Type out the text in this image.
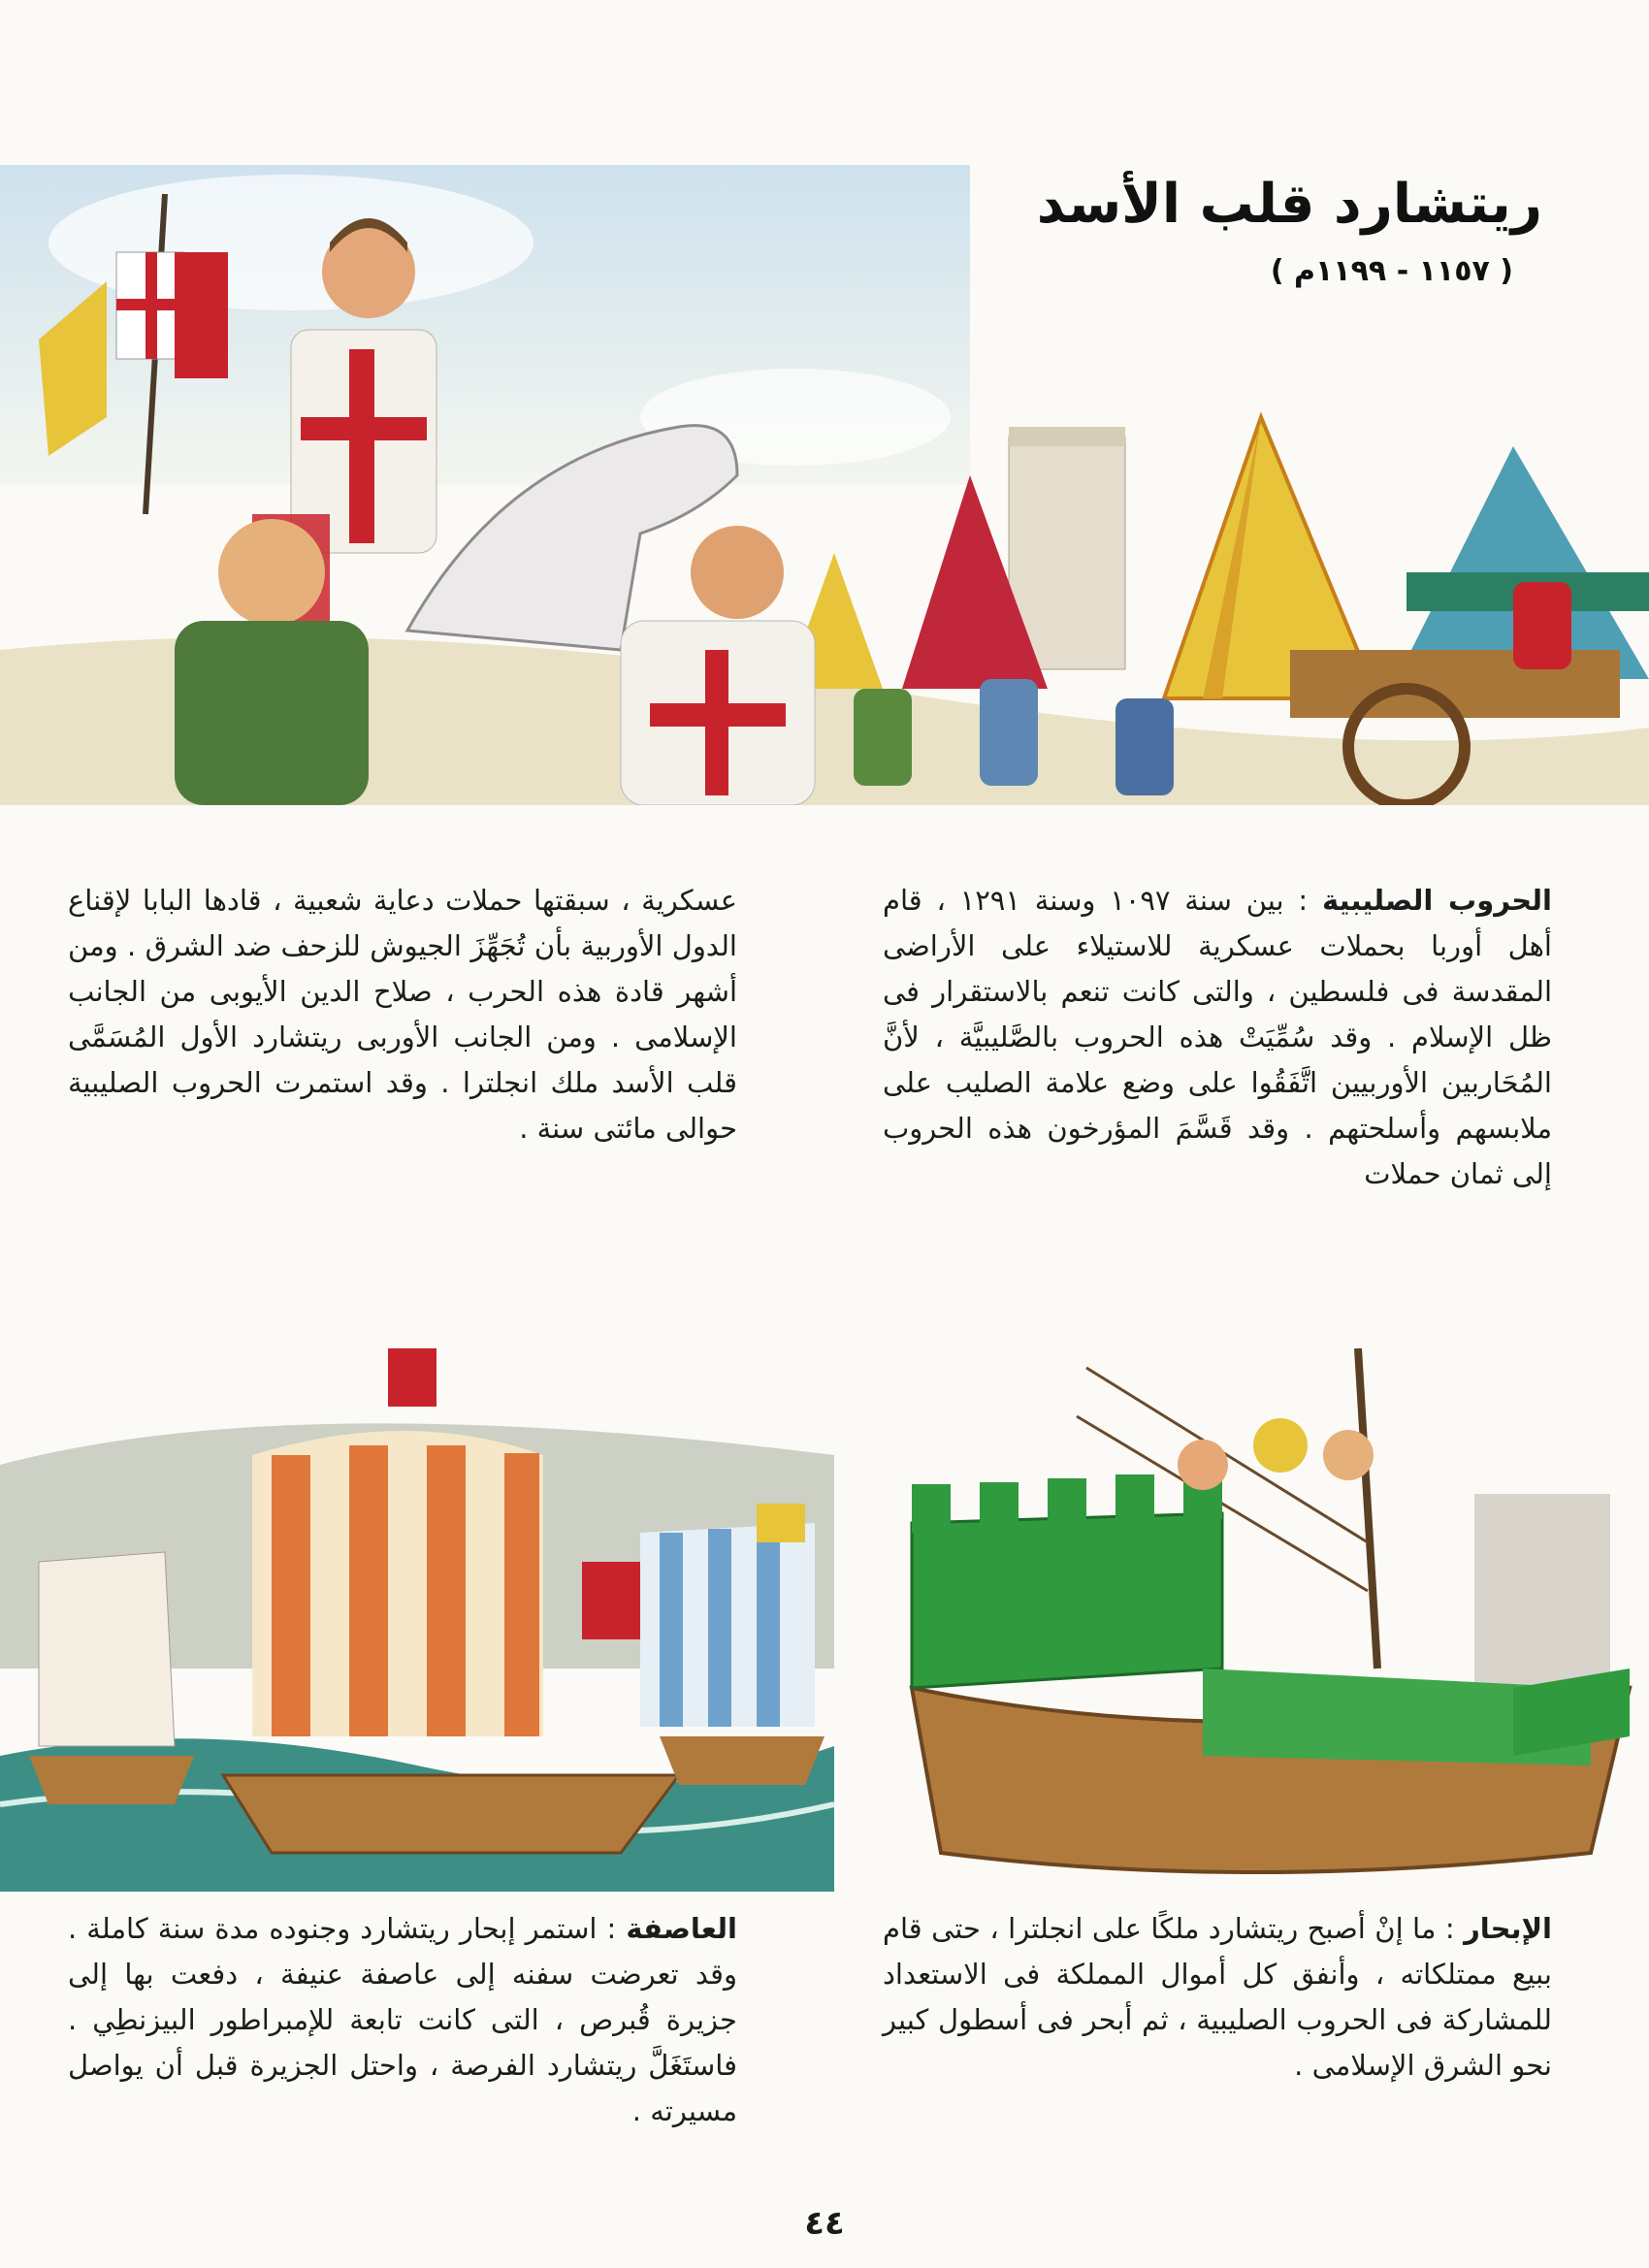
ريتشارد قلب الأسد
( ١١٥٧ - ١١٩٩م )
الحروب الصليبية : بين سنة ١٠٩٧ وسنة ١٢٩١ ، قام أهل أوربا بحملات عسكرية للاستيلاء على الأراضى المقدسة فى فلسطين ، والتى كانت تنعم بالاستقرار فى ظل الإسلام . وقد سُمِّيَتْ هذه الحروب بالصَّليبيَّة ، لأنَّ المُحَاربين الأوربيين اتَّفَقُوا على وضع علامة الصليب على ملابسهم وأسلحتهم . وقد قَسَّمَ المؤرخون هذه الحروب إلى ثمان حملات
عسكرية ، سبقتها حملات دعاية شعبية ، قادها البابا لإقناع الدول الأوربية بأن تُجَهِّزَ الجيوش للزحف ضد الشرق . ومن أشهر قادة هذه الحرب ، صلاح الدين الأيوبى من الجانب الإسلامى . ومن الجانب الأوربى ريتشارد الأول المُسَمَّى قلب الأسد ملك انجلترا . وقد استمرت الحروب الصليبية حوالى مائتى سنة .
الإبحار : ما إنْ أصبح ريتشارد ملكًا على انجلترا ، حتى قام ببيع ممتلكاته ، وأنفق كل أموال المملكة فى الاستعداد للمشاركة فى الحروب الصليبية ، ثم أبحر فى أسطول كبير نحو الشرق الإسلامى .
العاصفة : استمر إبحار ريتشارد وجنوده مدة سنة كاملة . وقد تعرضت سفنه إلى عاصفة عنيفة ، دفعت بها إلى جزيرة قُبرص ، التى كانت تابعة للإمبراطور البيزنطِي . فاستَغَلَّ ريتشارد الفرصة ، واحتل الجزيرة قبل أن يواصل مسيرته .
٤٤
